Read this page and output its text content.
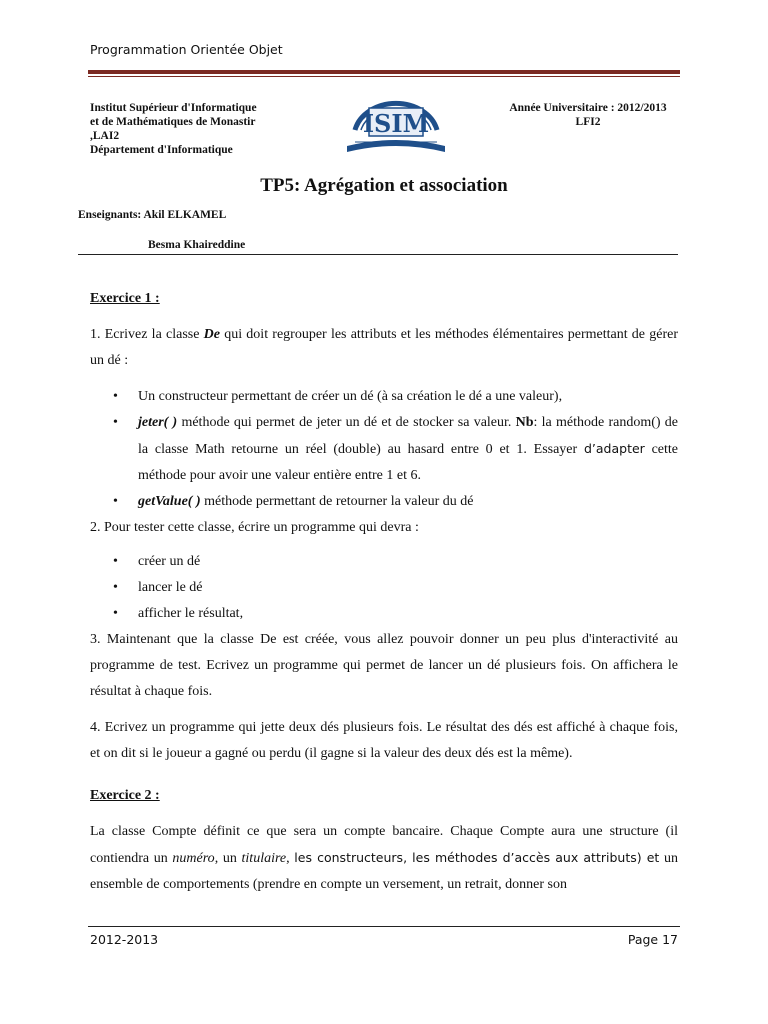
Programmation Orientée Objet
Institut Supérieur d'Informatique
et de Mathématiques de Monastir
,LAI2
Département d'Informatique
ISIM
Année Universitaire : 2012/2013
LFI2
TP5: Agrégation et association
Enseignants: Akil ELKAMEL
Besma Khaireddine

Exercice 1 :

1. Ecrivez la classe De qui doit regrouper les attributs et les méthodes élémentaires permettant de gérer un dé :

• Un constructeur permettant de créer un dé (à sa création le dé a une valeur),
• jeter( ) méthode qui permet de jeter un dé et de stocker sa valeur. Nb: la méthode random() de la classe Math retourne un réel (double) au hasard entre 0 et 1. Essayer d’adapter cette méthode pour avoir une valeur entière entre 1 et 6.
• getValue( ) méthode permettant de retourner la valeur du dé

2. Pour tester cette classe, écrire un programme qui devra :

• créer un dé
• lancer le dé
• afficher le résultat,

3. Maintenant que la classe De est créée, vous allez pouvoir donner un peu plus d'interactivité au programme de test. Ecrivez un programme qui permet de lancer un dé plusieurs fois. On affichera le résultat à chaque fois.

4. Ecrivez un programme qui jette deux dés plusieurs fois. Le résultat des dés est affiché à chaque fois, et on dit si le joueur a gagné ou perdu (il gagne si la valeur des deux dés est la même).

Exercice 2 :

La classe Compte définit ce que sera un compte bancaire. Chaque Compte aura une structure (il contiendra un numéro, un titulaire, les constructeurs, les méthodes d’accès aux attributs) et un ensemble de comportements (prendre en compte un versement, un retrait, donner son

2012-2013	Page 17
